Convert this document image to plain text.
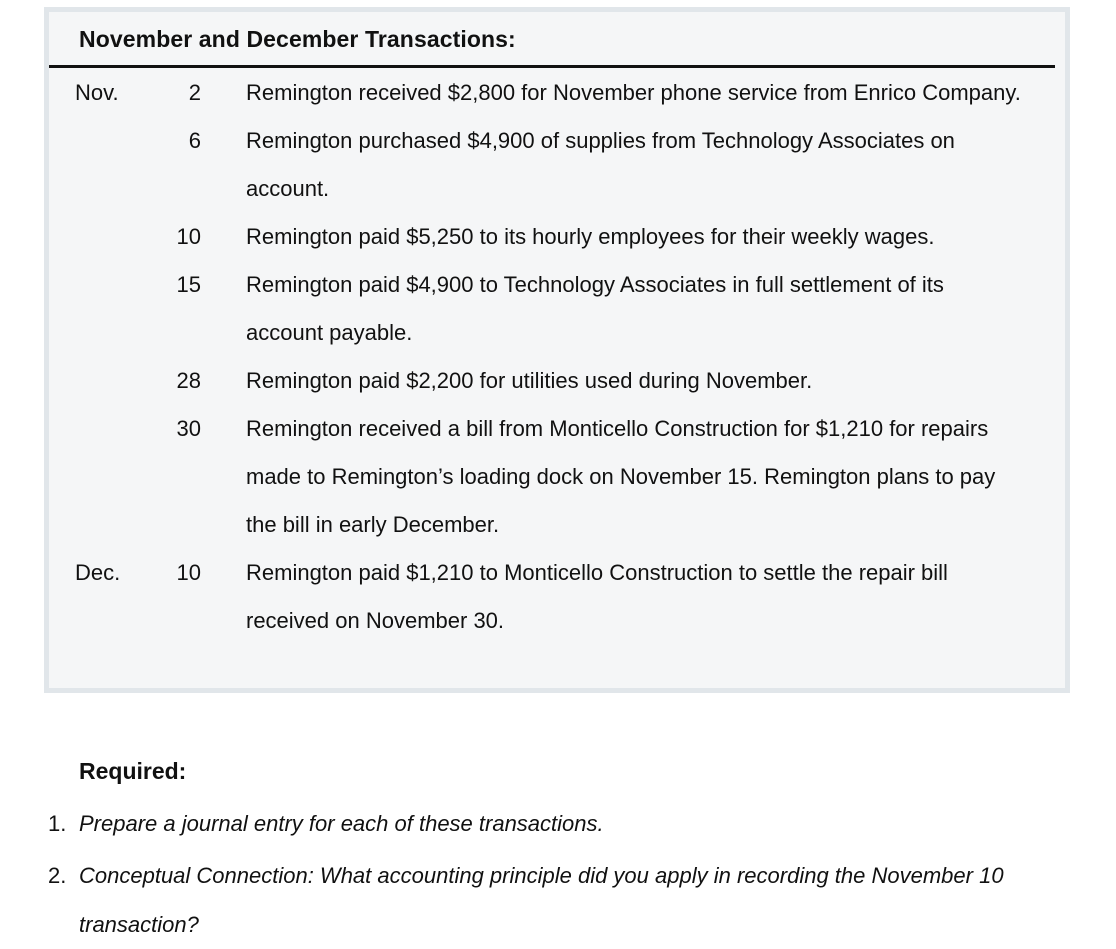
November and December Transactions:
Nov.	2 Remington received $2,800 for November phone service from Enrico Company.
6 Remington purchased $4,900 of supplies from Technology Associates on account.
10 Remington paid $5,250 to its hourly employees for their weekly wages.
15 Remington paid $4,900 to Technology Associates in full settlement of its account payable.
28 Remington paid $2,200 for utilities used during November.
30 Remington received a bill from Monticello Construction for $1,210 for repairs made to Remington’s loading dock on November 15. Remington plans to pay the bill in early December.
Dec.	10 Remington paid $1,210 to Monticello Construction to settle the repair bill received on November 30.
Required:
1. Prepare a journal entry for each of these transactions.
2. Conceptual Connection: What accounting principle did you apply in recording the November 10 transaction?
